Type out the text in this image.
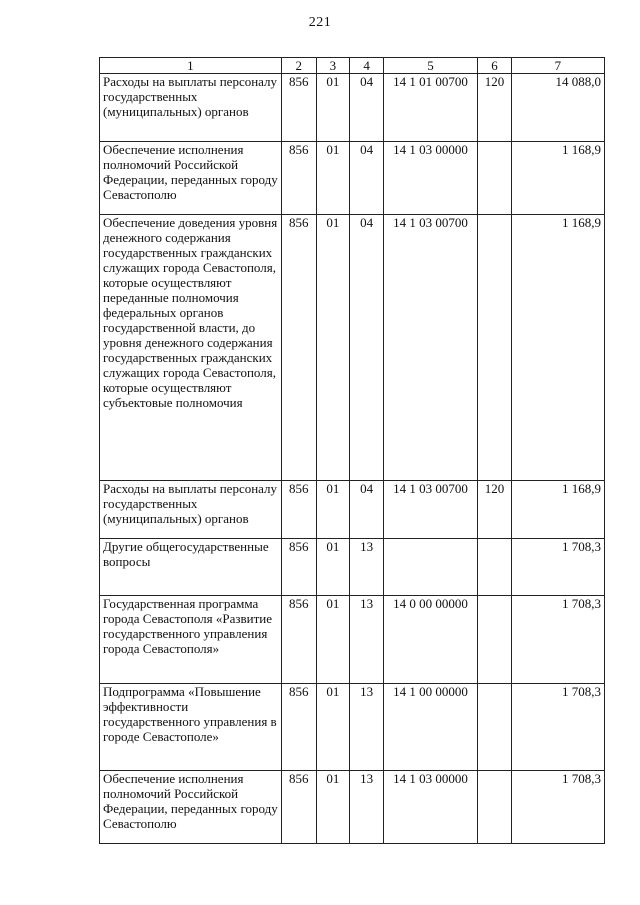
221
1	2	3	4	5	6	7
Расходы на выплаты персоналу государственных (муниципальных) органов	856	01	04	14 1 01 00700	120	14 088,0
Обеспечение исполнения полномочий Российской Федерации, переданных городу Севастополю	856	01	04	14 1 03 00000		1 168,9
Обеспечение доведения уровня денежного содержания государственных гражданских служащих города Севастополя, которые осуществляют переданные полномочия федеральных органов государственной власти, до уровня денежного содержания государственных гражданских служащих города Севастополя, которые осуществляют субъектовые полномочия	856	01	04	14 1 03 00700		1 168,9
Расходы на выплаты персоналу государственных (муниципальных) органов	856	01	04	14 1 03 00700	120	1 168,9
Другие общегосударственные вопросы	856	01	13			1 708,3
Государственная программа города Севастополя «Развитие государственного управления города Севастополя»	856	01	13	14 0 00 00000		1 708,3
Подпрограмма «Повышение эффективности государственного управления в городе Севастополе»	856	01	13	14 1 00 00000		1 708,3
Обеспечение исполнения полномочий Российской Федерации, переданных городу Севастополю	856	01	13	14 1 03 00000		1 708,3
